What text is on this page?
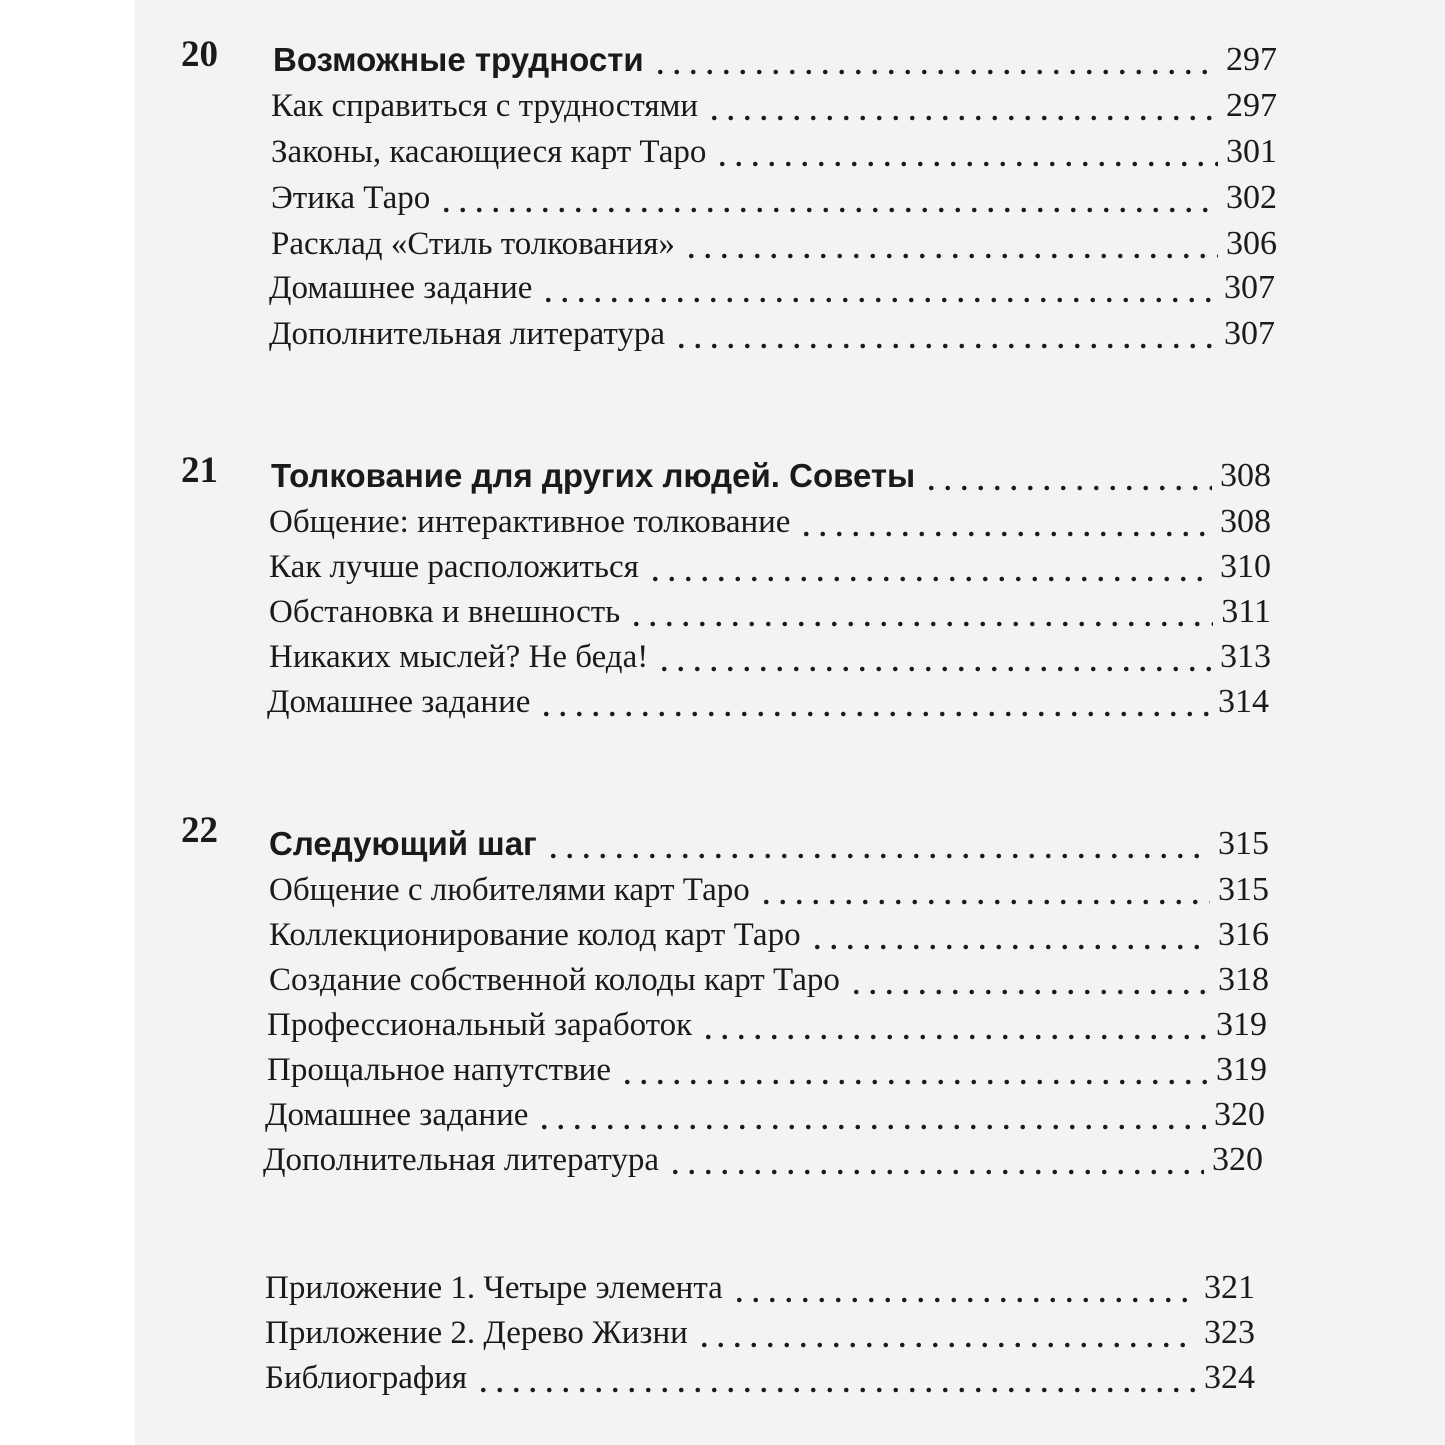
20	Возможные трудности	297
Как справиться с трудностями	297
Законы, касающиеся карт Таро	301
Этика Таро	302
Расклад «Стиль толкования»	306
Домашнее задание	307
Дополнительная литература	307
21	Толкование для других людей. Советы	308
Общение: интерактивное толкование	308
Как лучше расположиться	310
Обстановка и внешность	311
Никаких мыслей? Не беда!	313
Домашнее задание	314
22	Следующий шаг	315
Общение с любителями карт Таро	315
Коллекционирование колод карт Таро	316
Создание собственной колоды карт Таро	318
Профессиональный заработок	319
Прощальное напутствие	319
Домашнее задание	320
Дополнительная литература	320
Приложение 1. Четыре элемента	321
Приложение 2. Дерево Жизни	323
Библиография	324
